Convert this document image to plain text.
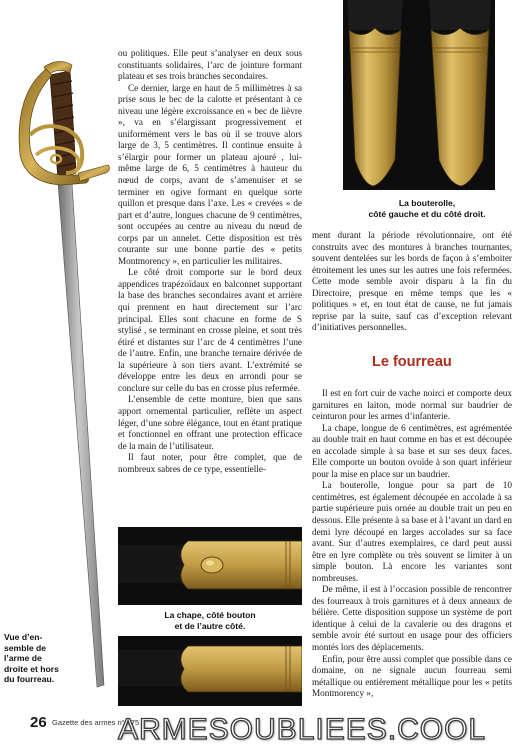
Vue d’en-
semble de
l’arme de
droite et hors
du fourreau.

ou politiques. Elle peut s’analyser en deux sous constituants solidaires, l’arc de jointure formant plateau et ses trois branches secondaires.

Ce dernier, large en haut de 5 millimètres à sa prise sous le bec de la calotte et présentant à ce niveau une légère excroissance en « bec de lièvre », va en s’élargissant progressivement et uniformément vers le bas où il se trouve alors large de 3, 5 centimètres. Il continue ensuite à s’élargir pour former un plateau ajouré , lui-même large de 6, 5 centimètres à hauteur du nœud de corps, avant de s’amenuiser et se terminer en ogive formant en quelque sorte quillon et presque dans l’axe. Les « crevées » de part et d’autre, longues chacune de 9 centimètres, sont occupées au centre au niveau du nœud de corps par un annelet. Cette disposition est très courante sur une bonne partie des « petits Montmorency », en particulier les militaires.

Le côté droit comporte sur le bord deux appendices trapézoïdaux en balconnet supportant la base des branches secondaires avant et arrière qui prennent en haut directement sur l’arc principal. Elles sont chacune en forme de S stylisé , se terminant en crosse pleine, et sont très étiré et distantes sur l’arc de 4 centimètres l’une de l’autre. Enfin, une branche ternaire dérivée de la supérieure à son tiers avant. L’extrémité se développe entre les deux en arrondi pour se conclure sur celle du bas en crosse plus refermée.

L’ensemble de cette monture, bien que sans apport ornemental particulier, reflète un aspect léger, d’une sobre élégance, tout en étant pratique et fonctionnel en offrant une protection efficace de la main de l’utilisateur.

Il faut noter, pour être complet, que de nombreux sabres de ce type, essentielle-

La bouterolle,
côté gauche et du côté droit.

ment durant la période révolutionnaire, ont été construits avec des montures à branches tournantes, souvent dentelées sur les bords de façon à s’emboiter étroitement les unes sur les autres une fois refermées. Cette mode semble avoir disparu à la fin du Directoire, presque en même temps que les « politiques » et, en tout état de cause, ne fut jamais reprise par la suite, sauf cas d’exception relevant d’initiatives personnelles.

Le fourreau

Il est en fort cuir de vache noirci et comporte deux garnitures en laiton, mode normal sur baudrier de ceinturon pour les armes d’infanterie.

La chape, longue de 6 centimètres, est agrémentée au double trait en haut comme en bas et est découpée en accolade simple à sa base et sur ses deux faces. Elle comporte un bouton ovoïde à son quart inférieur pour la mise en place sur un baudrier.

La bouterolle, longue pour sa part de 10 centimètres, est également découpée en accolade à sa partie supérieure puis ornée au double trait un peu en dessous. Elle présente à sa base et à l’avant un dard en demi lyre découpé en larges accolades sur sa face avant. Sur d’autres exemplaires, ce dard peut aussi être en lyre complète ou très souvent se limiter à un simple bouton. Là encore les variantes sont nombreuses.

De même, il est à l’occasion possible de rencontrer des fourreaux à trois garnitures et à deux anneaux de bélière. Cette disposition suppose un système de port identique à celui de la cavalerie ou des dragons et semble avoir été surtout en usage pour des officiers montés lors des déplacements.

Enfin, pour être aussi complet que possible dans ce domaine, on ne signale aucun fourreau semi métallique ou entièrement métallique pour les « petits Montmorency »,

La chape, côté bouton
et de l’autre côté.
26 Gazette des armes n° 475
ARMESOUBLIEES.COOL
